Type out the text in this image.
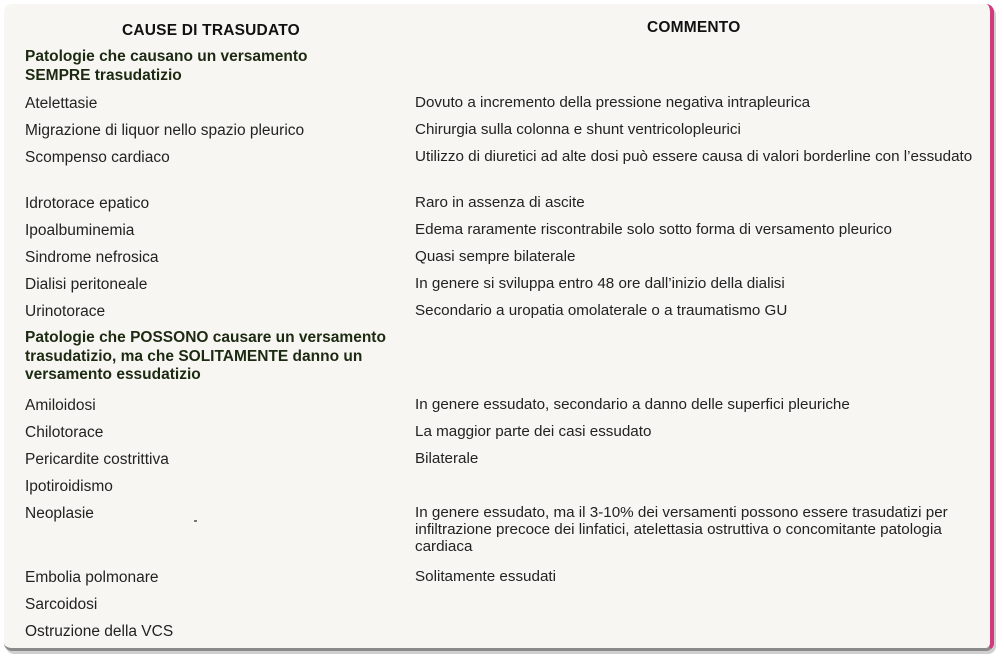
CAUSE DI TRASUDATO	COMMENTO
Patologie che causano un versamento SEMPRE trasudatizio
Atelettasie	Dovuto a incremento della pressione negativa intrapleurica
Migrazione di liquor nello spazio pleurico	Chirurgia sulla colonna e shunt ventricolopleurici
Scompenso cardiaco	Utilizzo di diuretici ad alte dosi può essere causa di valori borderline con l’essudato
Idrotorace epatico	Raro in assenza di ascite
Ipoalbuminemia	Edema raramente riscontrabile solo sotto forma di versamento pleurico
Sindrome nefrosica	Quasi sempre bilaterale
Dialisi peritoneale	In genere si sviluppa entro 48 ore dall’inizio della dialisi
Urinotorace	Secondario a uropatia omolaterale o a traumatismo GU
Patologie che POSSONO causare un versamento trasudatizio, ma che SOLITAMENTE danno un versamento essudatizio
Amiloidosi	In genere essudato, secondario a danno delle superfici pleuriche
Chilotorace	La maggior parte dei casi essudato
Pericardite costrittiva	Bilaterale
Ipotiroidismo
Neoplasie	In genere essudato, ma il 3-10% dei versamenti possono essere trasudatizi per infiltrazione precoce dei linfatici, atelettasia ostruttiva o concomitante patologia cardiaca
Embolia polmonare	Solitamente essudati
Sarcoidosi
Ostruzione della VCS
